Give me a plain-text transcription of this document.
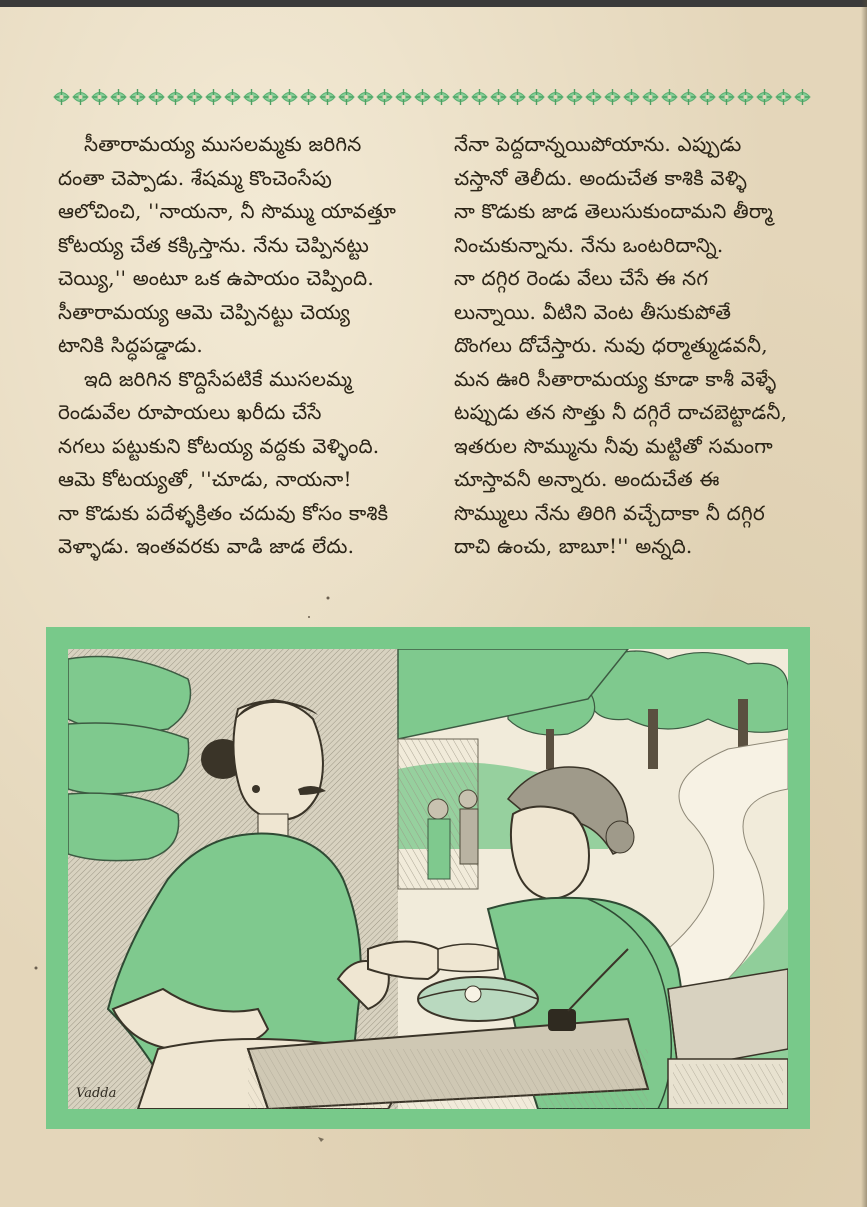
సీతారామయ్య ముసలమ్మకు జరిగిన
దంతా చెప్పాడు. శేషమ్మ కొంచెంసేపు
ఆలోచించి, ''నాయనా, నీ సొమ్ము యావత్తూ
కోటయ్య చేత కక్కిస్తాను. నేను చెప్పినట్టు
చెయ్యి,'' అంటూ ఒక ఉపాయం చెప్పింది.
సీతారామయ్య ఆమె చెప్పినట్టు చెయ్య
టానికి సిద్ధపడ్డాడు.

ఇది జరిగిన కొద్దిసేపటికే ముసలమ్మ
రెండువేల రూపాయలు ఖరీదు చేసే
నగలు పట్టుకుని కోటయ్య వద్దకు వెళ్ళింది.
ఆమె కోటయ్యతో, ''చూడు, నాయనా!
నా కొడుకు పదేళ్ళక్రితం చదువు కోసం కాశికి
వెళ్ళాడు. ఇంతవరకు వాడి జాడ లేదు.

నేనా పెద్దదాన్నయిపోయాను. ఎప్పుడు
చస్తానో తెలీదు. అందుచేత కాశికి వెళ్ళి
నా కొడుకు జాడ తెలుసుకుందామని తీర్మా
నించుకున్నాను. నేను ఒంటరిదాన్ని.
నా దగ్గిర రెండు వేలు చేసే ఈ నగ
లున్నాయి. వీటిని వెంట తీసుకుపోతే
దొంగలు దోచేస్తారు. నువు ధర్మాత్ముడవనీ,
మన ఊరి సీతారామయ్య కూడా కాశీ వెళ్ళే
టప్పుడు తన సొత్తు నీ దగ్గిరే దాచబెట్టాడనీ,
ఇతరుల సొమ్మును నీవు మట్టితో సమంగా
చూస్తావనీ అన్నారు. అందుచేత ఈ
సొమ్ములు నేను తిరిగి వచ్చేదాకా నీ దగ్గిర
దాచి ఉంచు, బాబూ!'' అన్నది.

Vadda
